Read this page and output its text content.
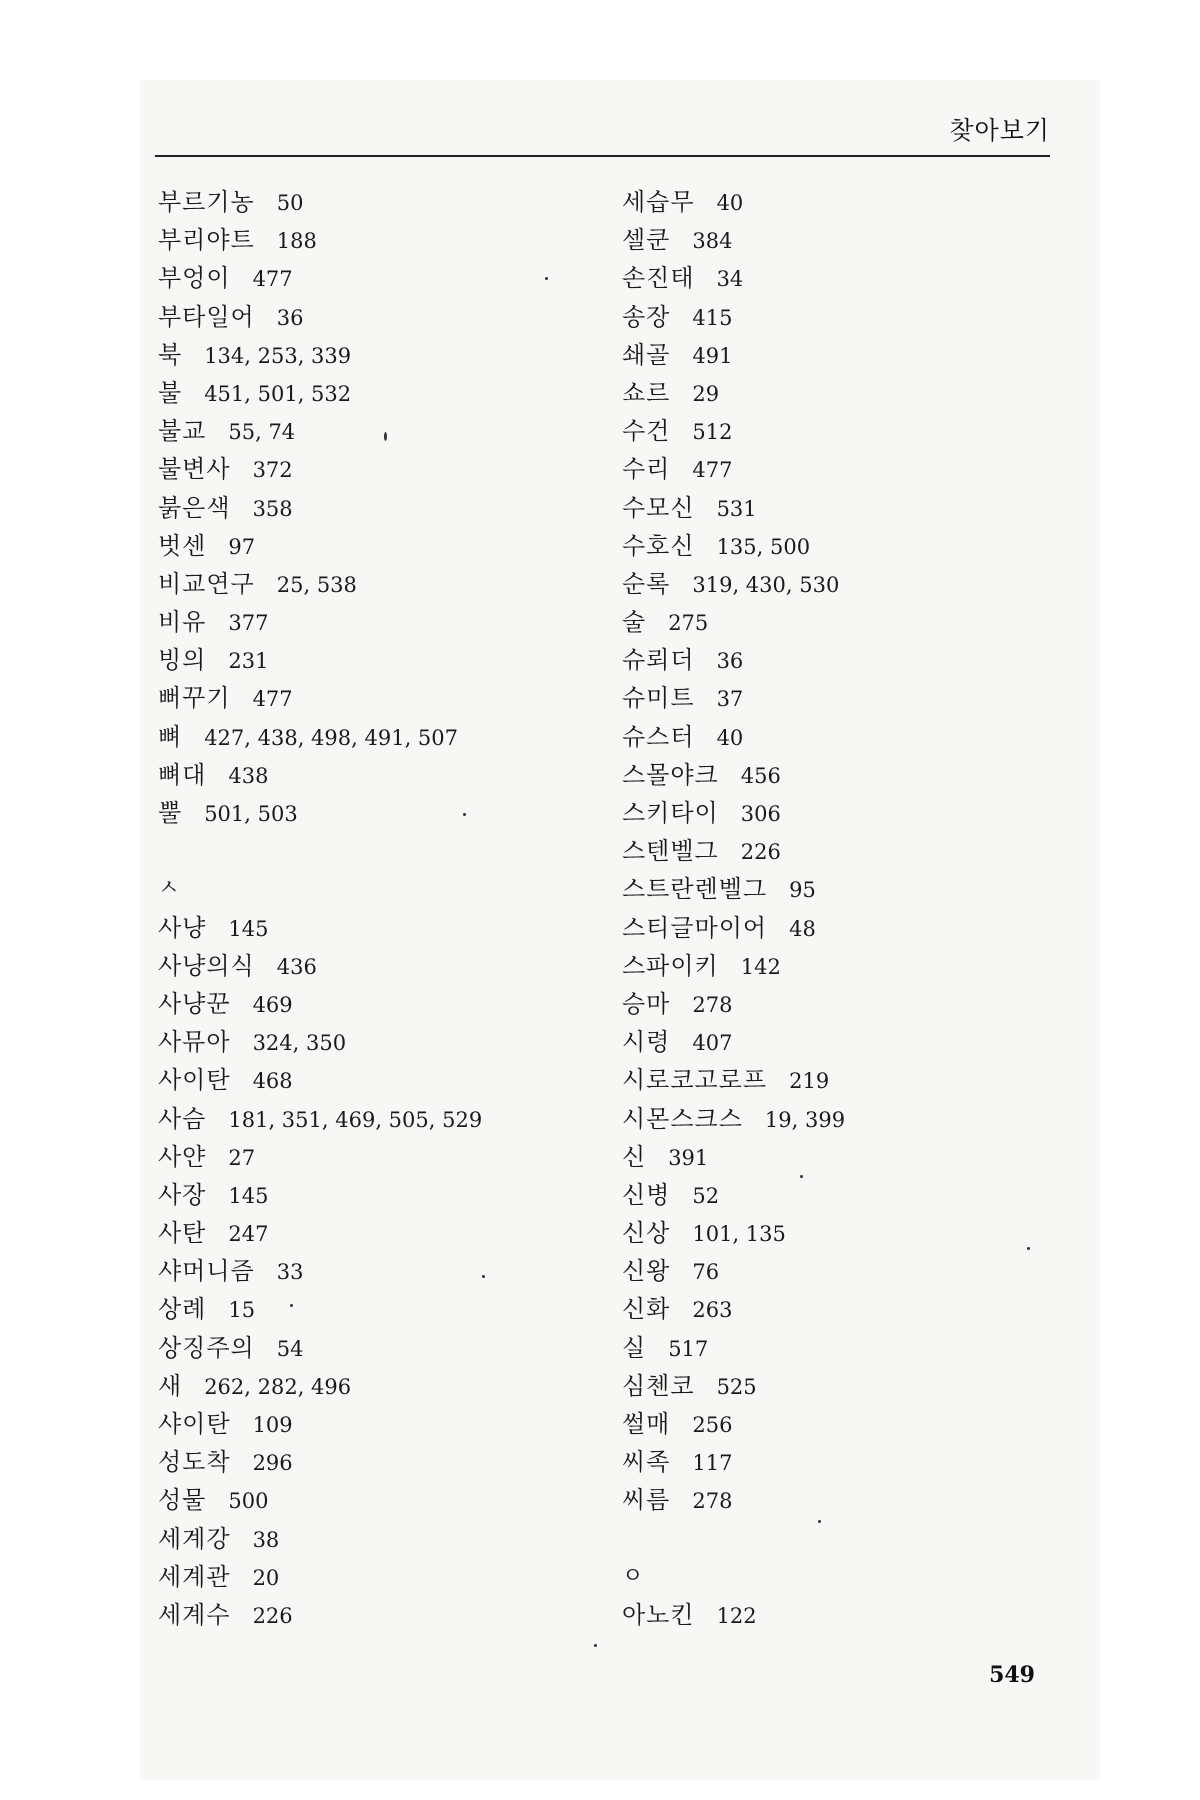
찾아보기
부르기농 50
부리야트 188
부엉이 477
부타일어 36
북 134, 253, 339
불 451, 501, 532
불교 55, 74
불변사 372
붉은색 358
벗센 97
비교연구 25, 538
비유 377
빙의 231
뻐꾸기 477
뼈 427, 438, 498, 491, 507
뼈대 438
뿔 501, 503
ㅅ
사냥 145
사냥의식 436
사냥꾼 469
사뮤아 324, 350
사이탄 468
사슴 181, 351, 469, 505, 529
사얀 27
사장 145
사탄 247
샤머니즘 33
상례 15
상징주의 54
새 262, 282, 496
샤이탄 109
성도착 296
성물 500
세계강 38
세계관 20
세계수 226
세습무 40
셀쿤 384
손진태 34
송장 415
쇄골 491
쇼르 29
수건 512
수리 477
수모신 531
수호신 135, 500
순록 319, 430, 530
술 275
슈뢰더 36
슈미트 37
슈스터 40
스몰야크 456
스키타이 306
스텐벨그 226
스트란렌벨그 95
스티글마이어 48
스파이키 142
승마 278
시령 407
시로코고로프 219
시몬스크스 19, 399
신 391
신병 52
신상 101, 135
신왕 76
신화 263
실 517
심첸코 525
썰매 256
씨족 117
씨름 278
ㅇ
아노킨 122
549
